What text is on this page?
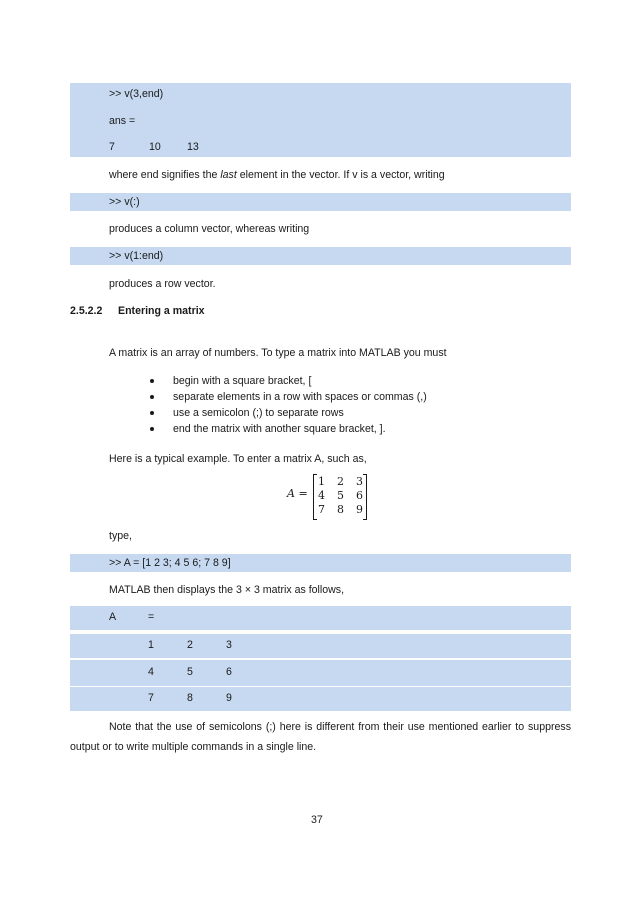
>> v(3,end)
ans =
7	10 13
where end signifies the last element in the vector. If v is a vector, writing
>> v(:)
produces a column vector, whereas writing
>> v(1:end)
produces a row vector.
2.5.2.2 Entering a matrix
A matrix is an array of numbers. To type a matrix into MATLAB you must
begin with a square bracket, [
separate elements in a row with spaces or commas (,)
use a semicolon (;) to separate rows
end the matrix with another square bracket, ].
Here is a typical example. To enter a matrix A, such as,
A =
1 2 3
4 5 6
7 8 9
type,
>> A = [1 2 3; 4 5 6; 7 8 9]
MATLAB then displays the 3 × 3 matrix as follows,
A	=
1	2	3
4	5	6
7	8	9
Note that the use of semicolons (;) here is different from their use mentioned earlier to suppress
output or to write multiple commands in a single line.
37
